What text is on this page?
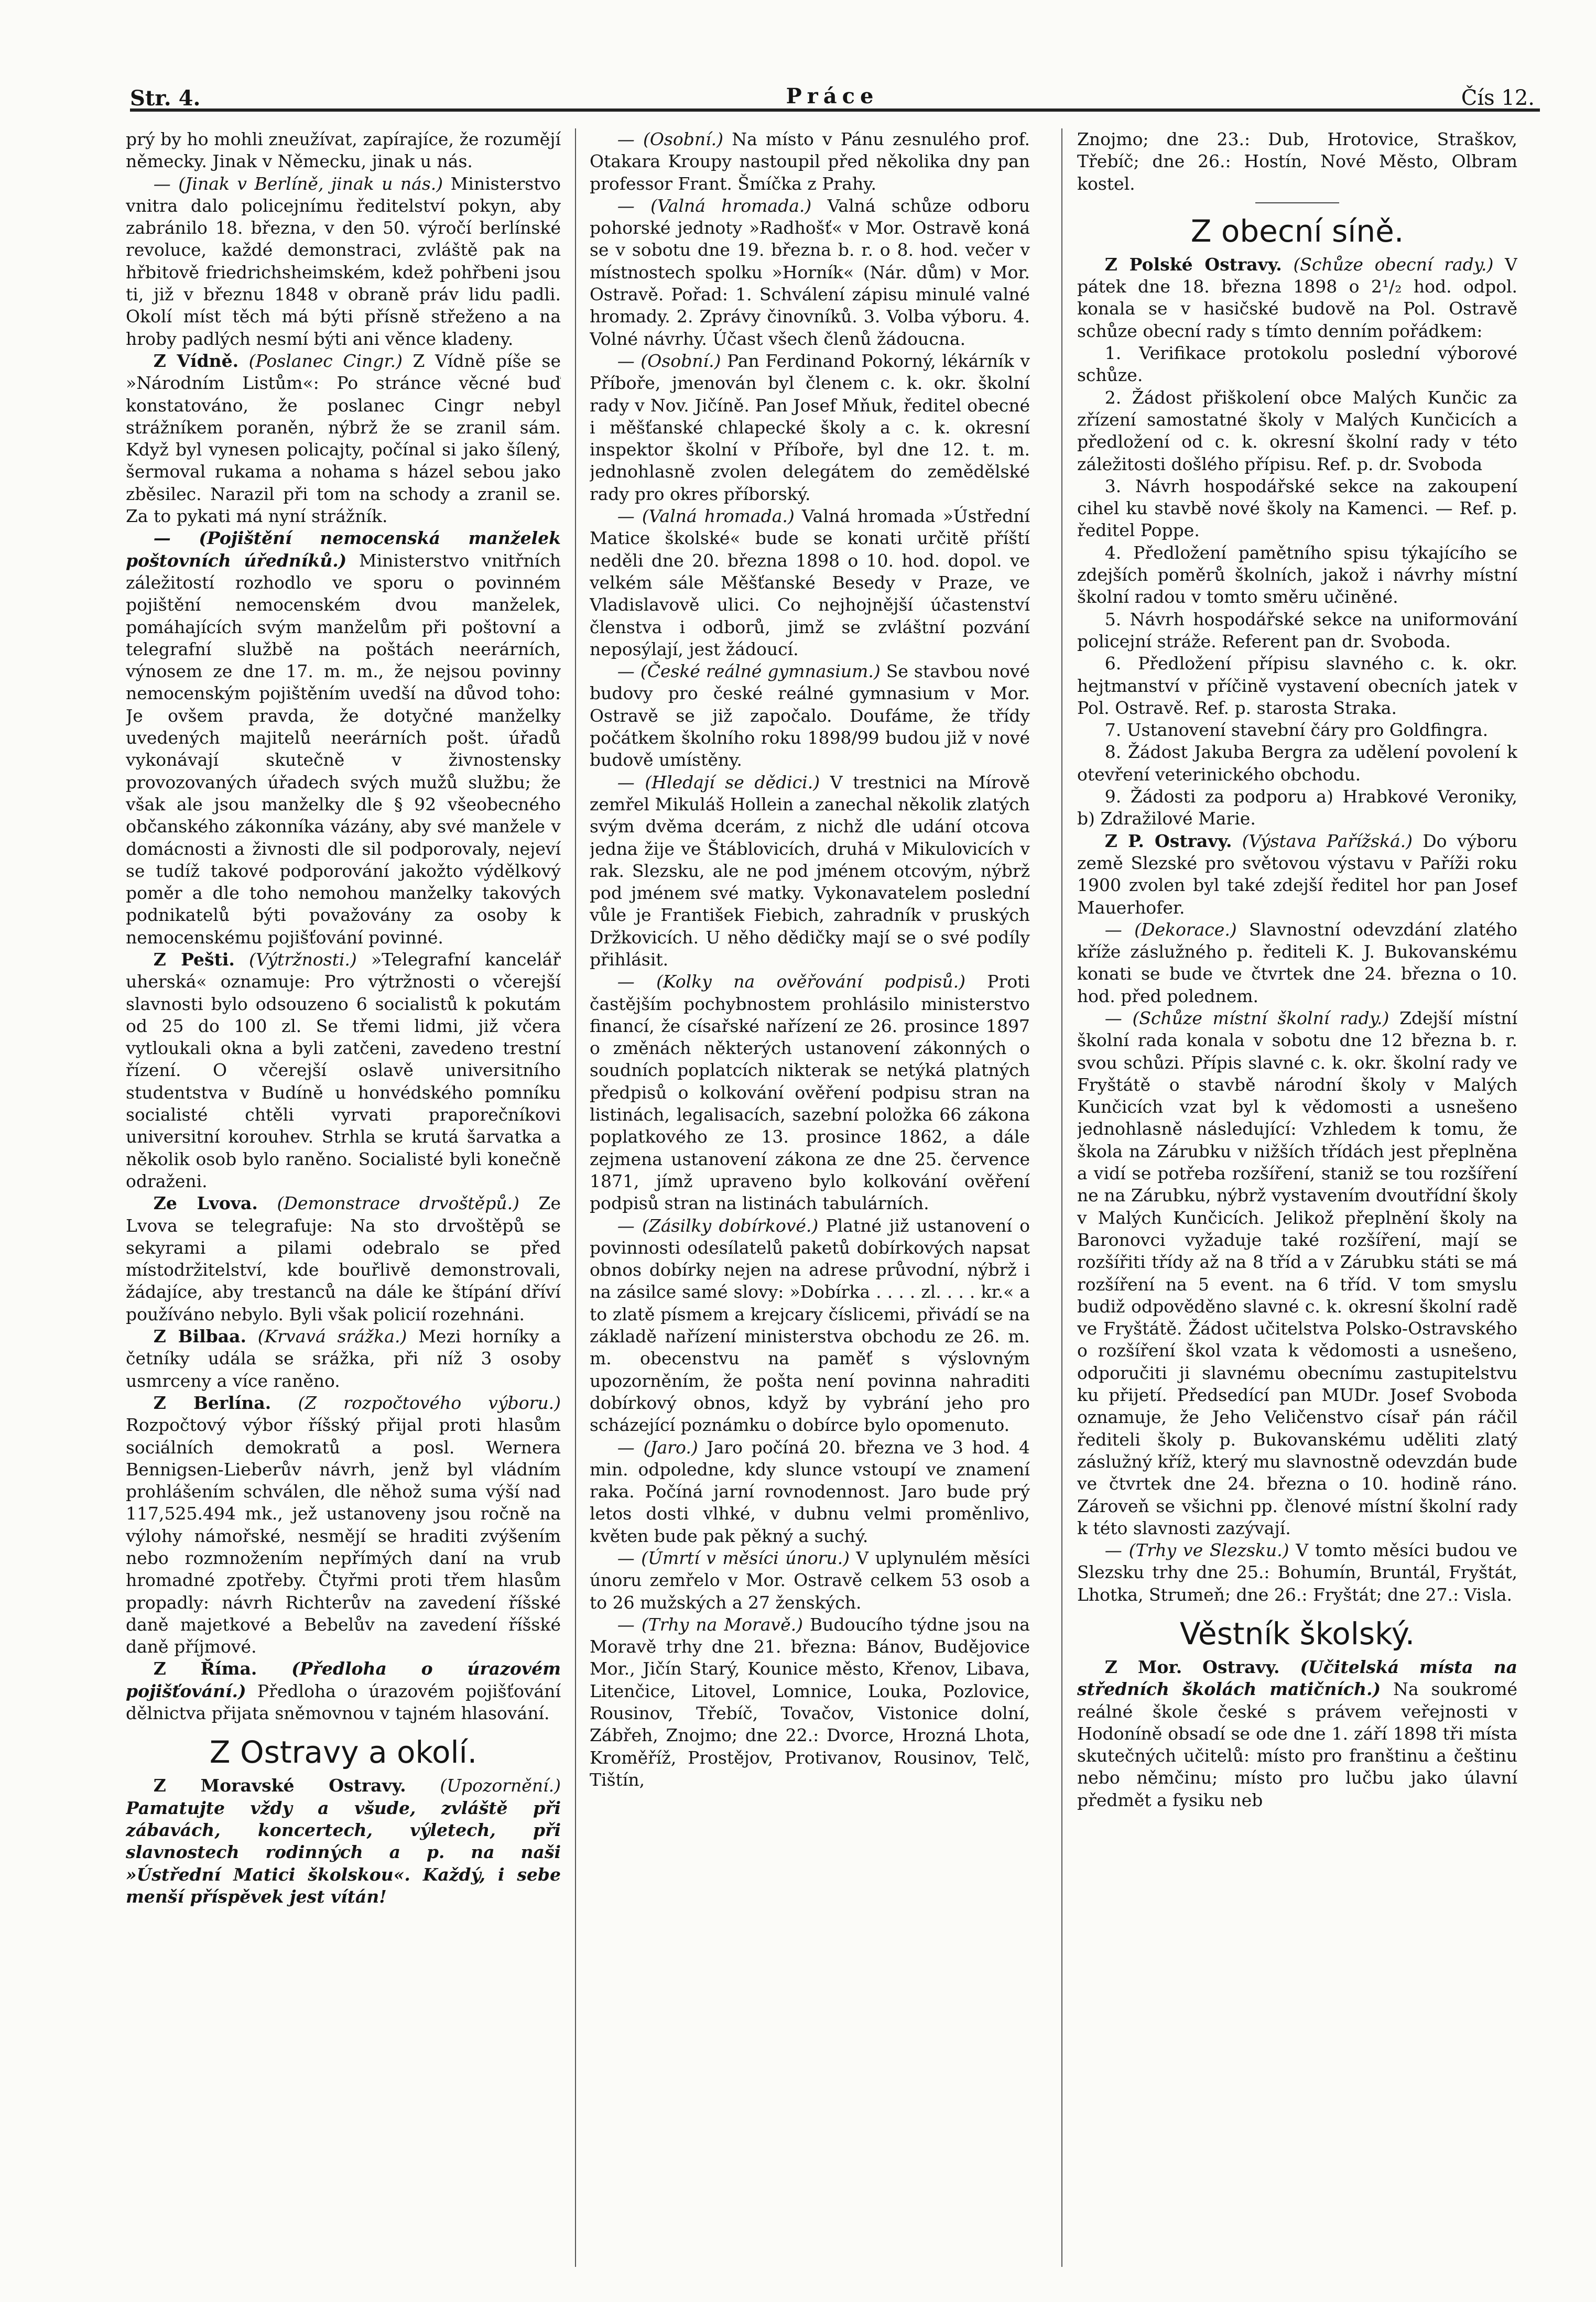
Str. 4.	Práce	Čís 12.

prý by ho mohli zneužívat, zapírajíce, že rozumějí německy. Jinak v Německu, jinak u nás.

— (Jinak v Berlíně, jinak u nás.) Ministerstvo vnitra dalo policejnímu ředitelství pokyn, aby zabránilo 18. března, v den 50. výročí berlínské revoluce, každé demonstraci, zvláště pak na hřbitově friedrichsheimském, kdež pohřbeni jsou ti, již v březnu 1848 v obraně práv lidu padli. Okolí míst těch má býti přísně střeženo a na hroby padlých nesmí býti ani věnce kladeny.

Z Vídně. (Poslanec Cingr.) Z Vídně píše se »Národním Listům«: Po stránce věcné buď konstatováno, že poslanec Cingr nebyl strážníkem poraněn, nýbrž že se zranil sám. Když byl vynesen policajty, počínal si jako šílený, šermoval rukama a nohama s házel sebou jako zběsilec. Narazil při tom na schody a zranil se. Za to pykati má nyní strážník.

— (Pojištění nemocenská manželek poštovních úředníků.) Ministerstvo vnitřních záležitostí rozhodlo ve sporu o povinném pojištění nemocenském dvou manželek, pomáhajících svým manželům při poštovní a telegrafní službě na poštách neerárních, výnosem ze dne 17. m. m., že nejsou povinny nemocenským pojištěním uvedší na důvod toho: Je ovšem pravda, že dotyčné manželky uvedených majitelů neerárních pošt. úřadů vykonávají skutečně v živnostensky provozovaných úřadech svých mužů službu; že však ale jsou manželky dle § 92 všeobecného občanského zákonníka vázány, aby své manžele v domácnosti a živnosti dle sil podporovaly, nejeví se tudíž takové podporování jakožto výdělkový poměr a dle toho nemohou manželky takových podnikatelů býti považovány za osoby k nemocenskému pojišťování povinné.

Z Pešti. (Výtržnosti.) »Telegrafní kancelář uherská« oznamuje: Pro výtržnosti o včerejší slavnosti bylo odsouzeno 6 socialistů k pokutám od 25 do 100 zl. Se třemi lidmi, již včera vytloukali okna a byli zatčeni, zavedeno trestní řízení. O včerejší oslavě universitního studentstva v Budíně u honvédského pomníku socialisté chtěli vyrvati praporečníkovi universitní korouhev. Strhla se krutá šarvatka a několik osob bylo raněno. Socialisté byli konečně odraženi.

Ze Lvova. (Demonstrace drvoštěpů.) Ze Lvova se telegrafuje: Na sto drvoštěpů se sekyrami a pilami odebralo se před místodržitelství, kde bouřlivě demonstrovali, žádajíce, aby trestanců na dále ke štípání dříví používáno nebylo. Byli však policií rozehnáni.

Z Bilbaa. (Krvavá srážka.) Mezi horníky a četníky udála se srážka, při níž 3 osoby usmrceny a více raněno.

Z Berlína. (Z rozpočtového výboru.) Rozpočtový výbor říšský přijal proti hlasům sociálních demokratů a posl. Wernera Bennigsen-Lieberův návrh, jenž byl vládním prohlášením schválen, dle něhož suma výší nad 117,525.494 mk., jež ustanoveny jsou ročně na výlohy námořské, nesmějí se hraditi zvýšením nebo rozmnožením nepřímých daní na vrub hromadné zpotřeby. Čtyřmi proti třem hlasům propadly: návrh Richterův na zavedení říšské daně majetkové a Bebelův na zavedení říšské daně příjmové.

Z Říma. (Předloha o úrazovém pojišťování.) Předloha o úrazovém pojišťování dělnictva přijata sněmovnou v tajném hlasování.

Z Ostravy a okolí.

Z Moravské Ostravy. (Upozornění.) Pamatujte vždy a všude, zvláště při zábavách, koncertech, výletech, při slavnostech rodinných a p. na naši »Ústřední Matici školskou«. Každý, i sebe menší příspěvek jest vítán!

— (Osobní.) Na místo v Pánu zesnulého prof. Otakara Kroupy nastoupil před několika dny pan professor Frant. Šmíčka z Prahy.

— (Valná hromada.) Valná schůze odboru pohorské jednoty »Radhošť« v Mor. Ostravě koná se v sobotu dne 19. března b. r. o 8. hod. večer v místnostech spolku »Horník« (Nár. dům) v Mor. Ostravě. Pořad: 1. Schválení zápisu minulé valné hromady. 2. Zprávy činovníků. 3. Volba výboru. 4. Volné návrhy. Účast všech členů žádoucna.

— (Osobní.) Pan Ferdinand Pokorný, lékárník v Příboře, jmenován byl členem c. k. okr. školní rady v Nov. Jičíně. Pan Josef Mňuk, ředitel obecné i měšťanské chlapecké školy a c. k. okresní inspektor školní v Příboře, byl dne 12. t. m. jednohlasně zvolen delegátem do zemědělské rady pro okres příborský.

— (Valná hromada.) Valná hromada »Ústřední Matice školské« bude se konati určitě příští neděli dne 20. března 1898 o 10. hod. dopol. ve velkém sále Měšťanské Besedy v Praze, ve Vladislavově ulici. Co nejhojnější účastenství členstva i odborů, jimž se zvláštní pozvání neposýlají, jest žádoucí.

— (České reálné gymnasium.) Se stavbou nové budovy pro české reálné gymnasium v Mor. Ostravě se již započalo. Doufáme, že třídy počátkem školního roku 1898/99 budou již v nové budově umístěny.

— (Hledají se dědici.) V trestnici na Mírově zemřel Mikuláš Hollein a zanechal několik zlatých svým dvěma dcerám, z nichž dle udání otcova jedna žije ve Štáblovicích, druhá v Mikulovicích v rak. Slezsku, ale ne pod jménem otcovým, nýbrž pod jménem své matky. Vykonavatelem poslední vůle je František Fiebich, zahradník v pruských Držkovicích. U něho dědičky mají se o své podíly přihlásit.

— (Kolky na ověřování podpisů.) Proti častějším pochybnostem prohlásilo ministerstvo financí, že císařské nařízení ze 26. prosince 1897 o změnách některých ustanovení zákonných o soudních poplatcích nikterak se netýká platných předpisů o kolkování ověření podpisu stran na listinách, legalisacích, sazební položka 66 zákona poplatkového ze 13. prosince 1862, a dále zejmena ustanovení zákona ze dne 25. července 1871, jímž upraveno bylo kolkování ověření podpisů stran na listinách tabulárních.

— (Zásilky dobírkové.) Platné již ustanovení o povinnosti odesílatelů paketů dobírkových napsat obnos dobírky nejen na adrese průvodní, nýbrž i na zásilce samé slovy: »Dobírka . . . . zl. . . . kr.« a to zlatě písmem a krejcary číslicemi, přivádí se na základě nařízení ministerstva obchodu ze 26. m. m. obecenstvu na paměť s výslovným upozorněním, že pošta není povinna nahraditi dobírkový obnos, když by vybrání jeho pro scházející poznámku o dobírce bylo opomenuto.

— (Jaro.) Jaro počíná 20. března ve 3 hod. 4 min. odpoledne, kdy slunce vstoupí ve znamení raka. Počíná jarní rovnodennost. Jaro bude prý letos dosti vlhké, v dubnu velmi proměnlivo, květen bude pak pěkný a suchý.

— (Úmrtí v měsíci únoru.) V uplynulém měsíci únoru zemřelo v Mor. Ostravě celkem 53 osob a to 26 mužských a 27 ženských.

— (Trhy na Moravě.) Budoucího týdne jsou na Moravě trhy dne 21. března: Bánov, Budějovice Mor., Jičín Starý, Kounice město, Křenov, Libava, Litenčice, Litovel, Lomnice, Louka, Pozlovice, Rousinov, Třebíč, Tovačov, Vistonice dolní, Zábřeh, Znojmo; dne 22.: Dvorce, Hrozná Lhota, Kroměříž, Prostějov, Protivanov, Rousinov, Telč, Tištín,

Znojmo; dne 23.: Dub, Hrotovice, Straškov, Třebíč; dne 26.: Hostín, Nové Město, Olbram kostel.

Z obecní síně.

Z Polské Ostravy. (Schůze obecní rady.) V pátek dne 18. března 1898 o 2¹/₂ hod. odpol. konala se v hasičské budově na Pol. Ostravě schůze obecní rady s tímto denním pořádkem:

1. Verifikace protokolu poslední výborové schůze.

2. Žádost přiškolení obce Malých Kunčic za zřízení samostatné školy v Malých Kunčicích a předložení od c. k. okresní školní rady v této záležitosti došlého přípisu. Ref. p. dr. Svoboda

3. Návrh hospodářské sekce na zakoupení cihel ku stavbě nové školy na Kamenci. — Ref. p. ředitel Poppe.

4. Předložení pamětního spisu týkajícího se zdejších poměrů školních, jakož i návrhy místní školní radou v tomto směru učiněné.

5. Návrh hospodářské sekce na uniformování policejní stráže. Referent pan dr. Svoboda.

6. Předložení přípisu slavného c. k. okr. hejtmanství v příčině vystavení obecních jatek v Pol. Ostravě. Ref. p. starosta Straka.

7. Ustanovení stavební čáry pro Goldfingra.

8. Žádost Jakuba Bergra za udělení povolení k otevření veterinického obchodu.

9. Žádosti za podporu a) Hrabkové Veroniky, b) Zdražilové Marie.

Z P. Ostravy. (Výstava Pařížská.) Do výboru země Slezské pro světovou výstavu v Paříži roku 1900 zvolen byl také zdejší ředitel hor pan Josef Mauerhofer.

— (Dekorace.) Slavnostní odevzdání zlatého kříže záslužného p. řediteli K. J. Bukovanskému konati se bude ve čtvrtek dne 24. března o 10. hod. před polednem.

— (Schůze místní školní rady.) Zdejší místní školní rada konala v sobotu dne 12 března b. r. svou schůzi. Přípis slavné c. k. okr. školní rady ve Fryštátě o stavbě národní školy v Malých Kunčicích vzat byl k vědomosti a usnešeno jednohlasně následující: Vzhledem k tomu, že škola na Zárubku v nižších třídách jest přeplněna a vidí se potřeba rozšíření, staniž se tou rozšíření ne na Zárubku, nýbrž vystavením dvoutřídní školy v Malých Kunčicích. Jelikož přeplnění školy na Baronovci vyžaduje také rozšíření, mají se rozšířiti třídy až na 8 tříd a v Zárubku státi se má rozšíření na 5 event. na 6 tříd. V tom smyslu budiž odpověděno slavné c. k. okresní školní radě ve Fryštátě. Žádost učitelstva Polsko-Ostravského o rozšíření škol vzata k vědomosti a usnešeno, odporučiti ji slavnému obecnímu zastupitelstvu ku přijetí. Předsedící pan MUDr. Josef Svoboda oznamuje, že Jeho Veličenstvo císař pán ráčil řediteli školy p. Bukovanskému uděliti zlatý záslužný kříž, který mu slavnostně odevzdán bude ve čtvrtek dne 24. března o 10. hodině ráno. Zároveň se všichni pp. členové místní školní rady k této slavnosti zazývají.

— (Trhy ve Slezsku.) V tomto měsíci budou ve Slezsku trhy dne 25.: Bohumín, Bruntál, Fryštát, Lhotka, Strumeň; dne 26.: Fryštát; dne 27.: Visla.

Věstník školský.

Z Mor. Ostravy. (Učitelská místa na středních školách matičních.) Na soukromé reálné škole české s právem veřejnosti v Hodoníně obsadí se ode dne 1. září 1898 tři místa skutečných učitelů: místo pro franštinu a češtinu nebo němčinu; místo pro lučbu jako úlavní předmět a fysiku neb
